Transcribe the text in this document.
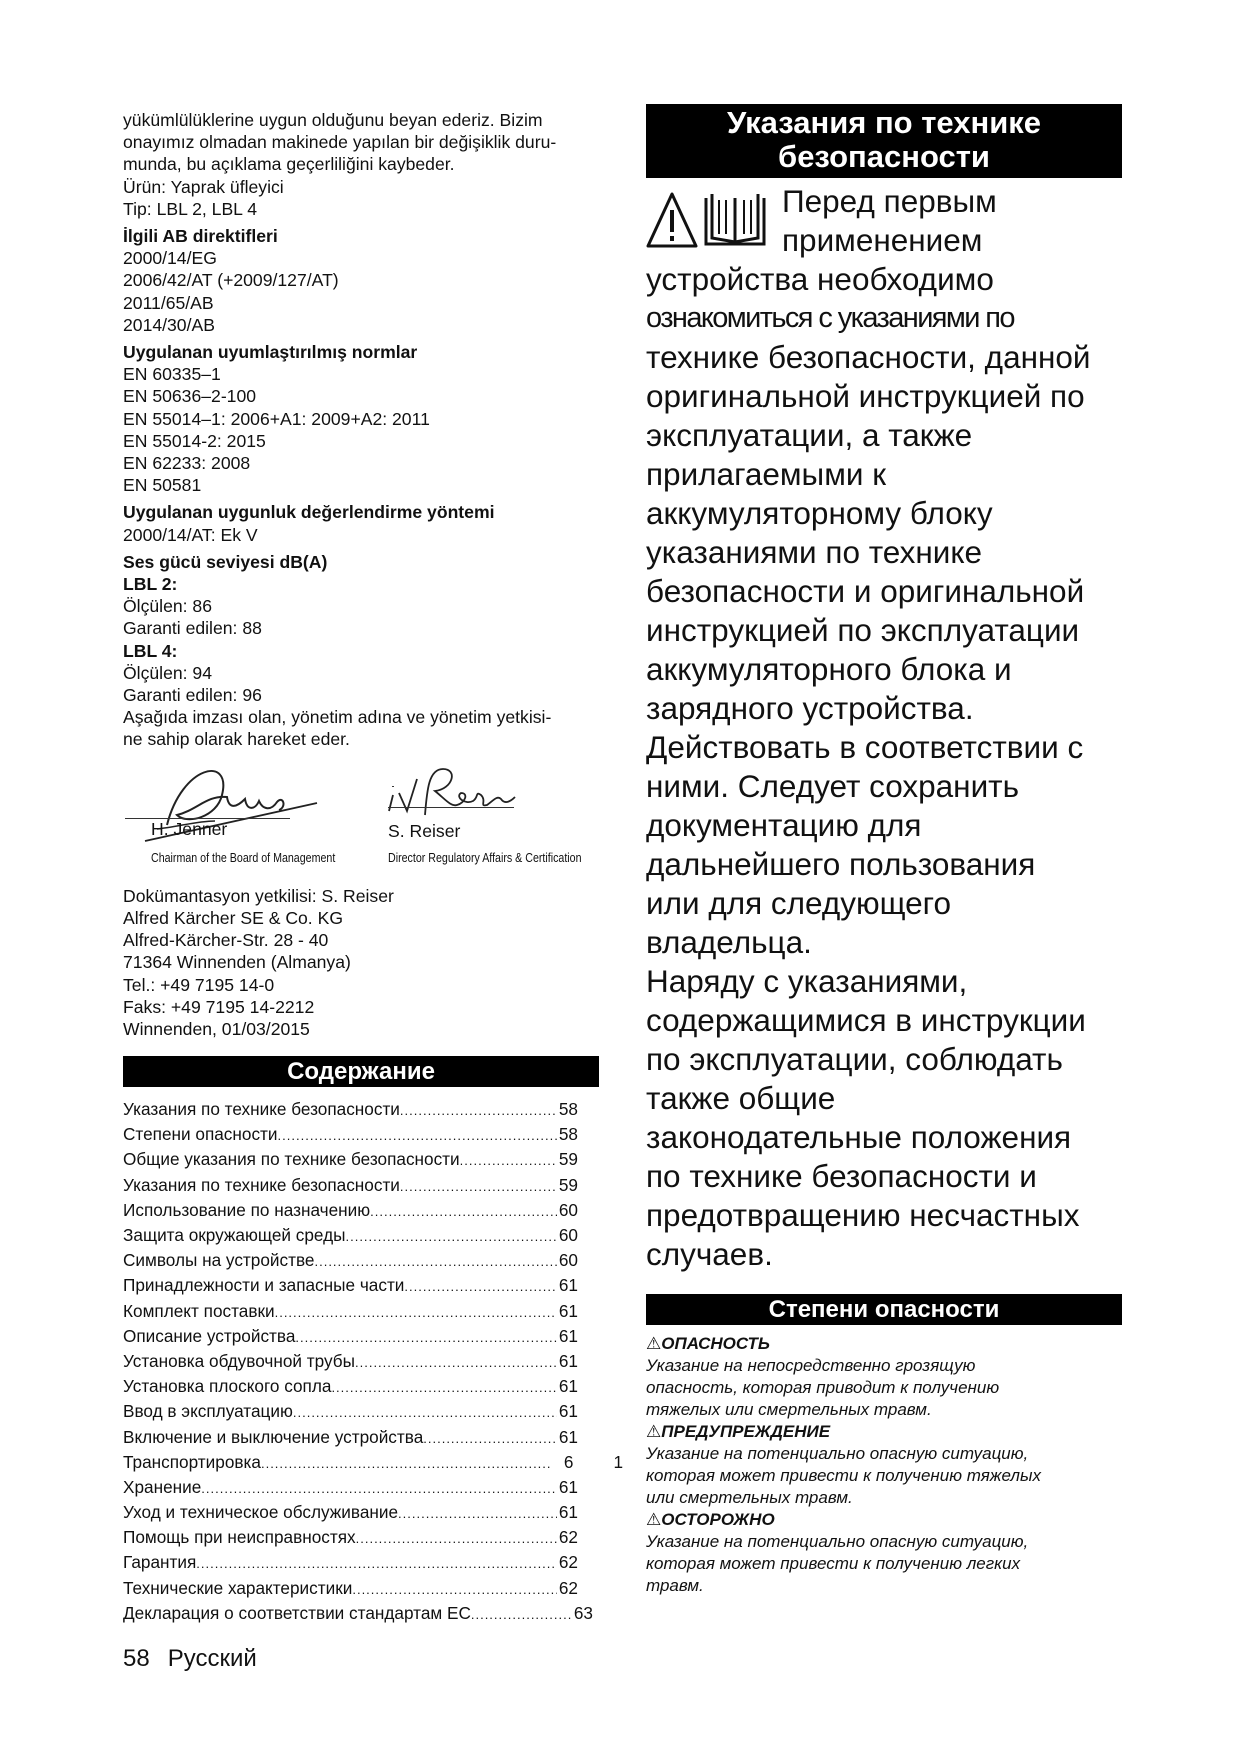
yükümlülüklerine uygun olduğunu beyan ederiz. Bizim
onayımız olmadan makinede yapılan bir değişiklik duru-
munda, bu açıklama geçerliliğini kaybeder.
Ürün: Yaprak üfleyici
Tip: LBL 2, LBL 4
İlgili AB direktifleri
2000/14/EG
2006/42/AT (+2009/127/AT)
2011/65/AB
2014/30/AB
Uygulanan uyumlaştırılmış normlar
EN 60335–1
EN 50636–2-100
EN 55014–1: 2006+A1: 2009+A2: 2011
EN 55014-2: 2015
EN 62233: 2008
EN 50581
Uygulanan uygunluk değerlendirme yöntemi
2000/14/AT: Ek V
Ses gücü seviyesi dB(A)
LBL 2:
Ölçülen: 86
Garanti edilen: 88
LBL 4:
Ölçülen: 94
Garanti edilen: 96
Aşağıda imzası olan, yönetim adına ve yönetim yetkisi-
ne sahip olarak hareket eder.
H. Jenner
Chairman of the Board of Management
S. Reiser
Director Regulatory Affairs & Certification
Dokümantasyon yetkilisi: S. Reiser
Alfred Kärcher SE & Co. KG
Alfred-Kärcher-Str. 28 - 40
71364 Winnenden (Almanya)
Tel.: +49 7195 14-0
Faks: +49 7195 14-2212
Winnenden, 01/03/2015
Содержание
Указания по технике безопасности .....	58
Степени опасности .....	58
Общие указания по технике безопасности .....	59
Указания по технике безопасности .....	59
Использование по назначению .....	60
Защита окружающей среды .....	60
Символы на устройстве .....	60
Принадлежности и запасные части .....	61
Комплект поставки .....	61
Описание устройства .....	61
Установка обдувочной трубы .....	61
Установка плоского сопла .....	61
Ввод в эксплуатацию .....	61
Включение и выключение устройства .....	61
Транспортировка .....	6 1
Хранение .....	61
Уход и техническое обслуживание .....	61
Помощь при неисправностях .....	62
Гарантия .....	62
Технические характеристики .....	62
Декларация о соответствии стандартам ЕС .....	63
58 Русский
Указания по технике
безопасности
Перед первым
применением

устройства необходимо

ознакомиться с указаниями по

технике безопасности, данной

оригинальной инструкцией по

эксплуатации, а также

прилагаемыми к

аккумуляторному блоку

указаниями по технике

безопасности и оригинальной

инструкцией по эксплуатации

аккумуляторного блока и

зарядного устройства.

Действовать в соответствии с

ними. Следует сохранить

документацию для

дальнейшего пользования

или для следующего

владельца.

Наряду с указаниями,

содержащимися в инструкции

по эксплуатации, соблюдать

также общие

законодательные положения

по технике безопасности и

предотвращению несчастных

случаев.

Степени опасности
⚠ОПАСНОСТЬ
Указание на непосредственно грозящую
опасность, которая приводит к получению
тяжелых или смертельных травм.
⚠ПРЕДУПРЕЖДЕНИЕ
Указание на потенциально опасную ситуацию,
которая может привести к получению тяжелых
или смертельных травм.
⚠ОСТОРОЖНО
Указание на потенциально опасную ситуацию,
которая может привести к получению легких
травм.
